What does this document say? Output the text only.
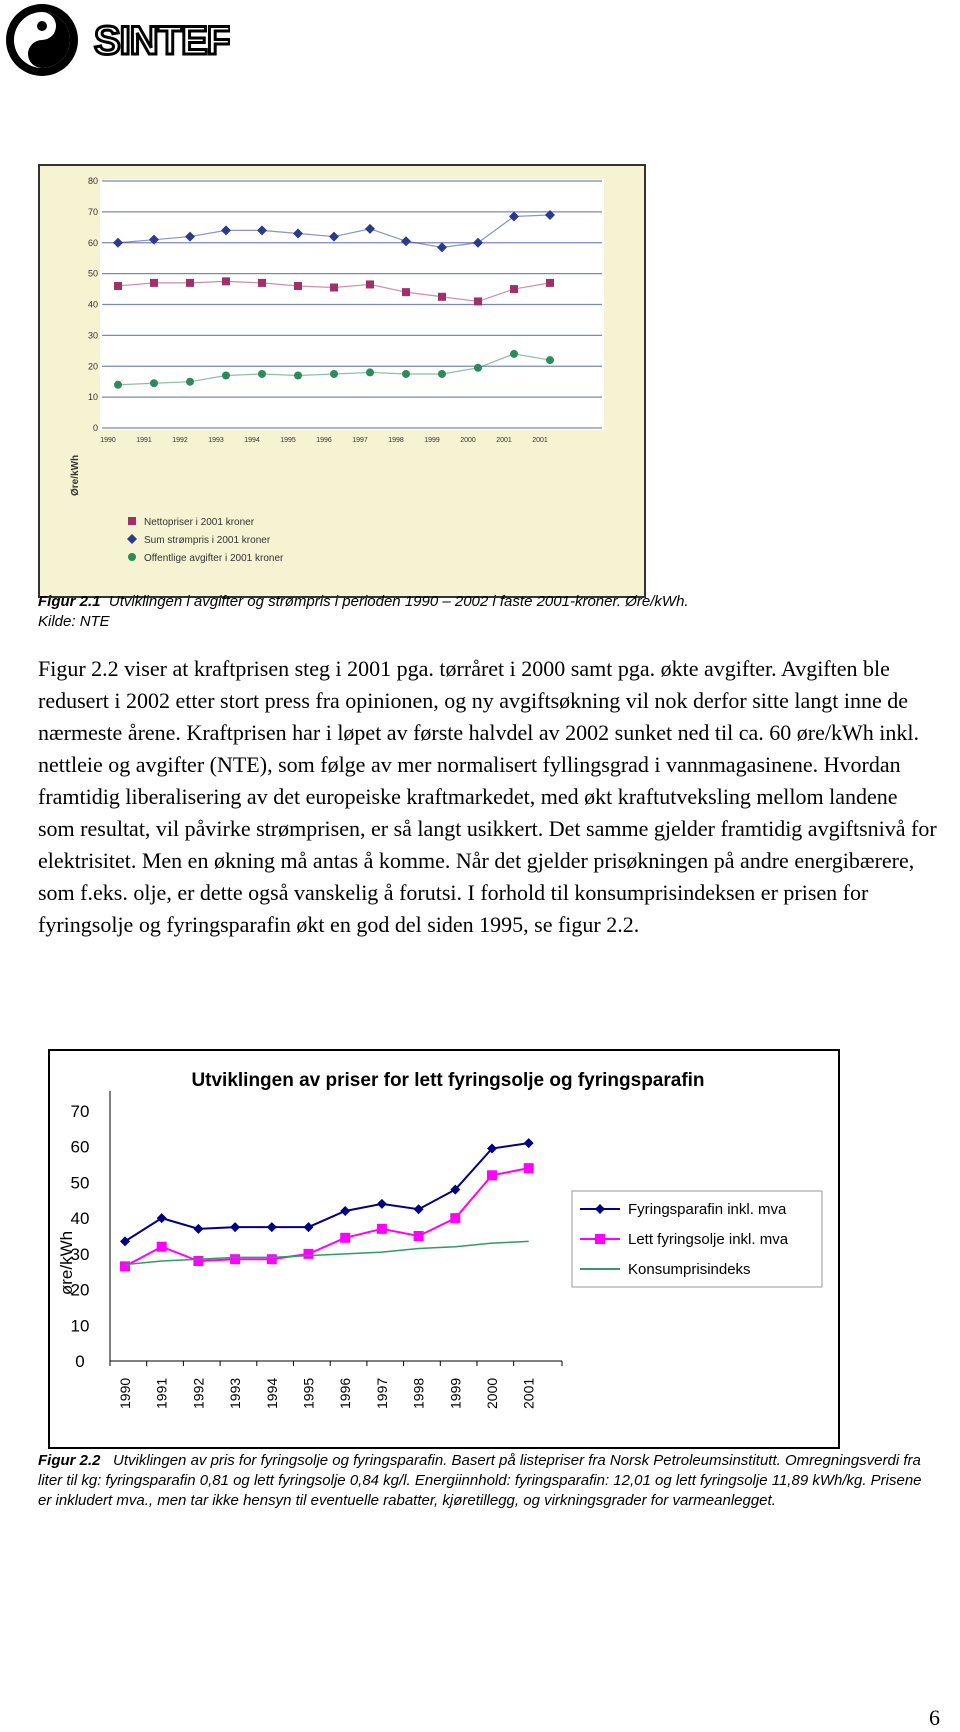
SINTEF
Øre/kWh
0
10
20
30
40
50
60
70
80
1990	1991	1992	1993	1994	1995	1996	1997	1998	1999	2000	2001	2001
Nettopriser i 2001 kroner
Sum strømpris i 2001 kroner
Offentlige avgifter i 2001 kroner
Figur 2.1 Utviklingen i avgifter og strømpris i perioden 1990 – 2002 i faste 2001-kroner. Øre/kWh.
Kilde: NTE
Figur 2.2 viser at kraftprisen steg i 2001 pga. tørråret i 2000 samt pga. økte avgifter. Avgiften ble redusert i 2002 etter stort press fra opinionen, og ny avgiftsøkning vil nok derfor sitte langt inne de nærmeste årene. Kraftprisen har i løpet av første halvdel av 2002 sunket ned til ca. 60 øre/kWh inkl. nettleie og avgifter (NTE), som følge av mer normalisert fyllingsgrad i vannmagasinene. Hvordan framtidig liberalisering av det europeiske kraftmarkedet, med økt kraftutveksling mellom landene som resultat, vil påvirke strømprisen, er så langt usikkert. Det samme gjelder framtidig avgiftsnivå for elektrisitet. Men en økning må antas å komme. Når det gjelder prisøkningen på andre energibærere, som f.eks. olje, er dette også vanskelig å forutsi. I forhold til konsumprisindeksen er prisen for fyringsolje og fyringsparafin økt en god del siden 1995, se figur 2.2.
Utviklingen av priser for lett fyringsolje og fyringsparafin
øre/kWh
0
10
20
30
40
50
60
70
1990 1991 1992 1993 1994 1995 1996 1997 1998 1999 2000 2001
Fyringsparafin inkl. mva
Lett fyringsolje inkl. mva
Konsumprisindeks
Figur 2.2 Utviklingen av pris for fyringsolje og fyringsparafin. Basert på listepriser fra Norsk Petroleumsinstitutt. Omregningsverdi fra liter til kg: fyringsparafin 0,81 og lett fyringsolje 0,84 kg/l. Energiinnhold: fyringsparafin: 12,01 og lett fyringsolje 11,89 kWh/kg. Prisene er inkludert mva., men tar ikke hensyn til eventuelle rabatter, kjøretillegg, og virkningsgrader for varmeanlegget.
6
